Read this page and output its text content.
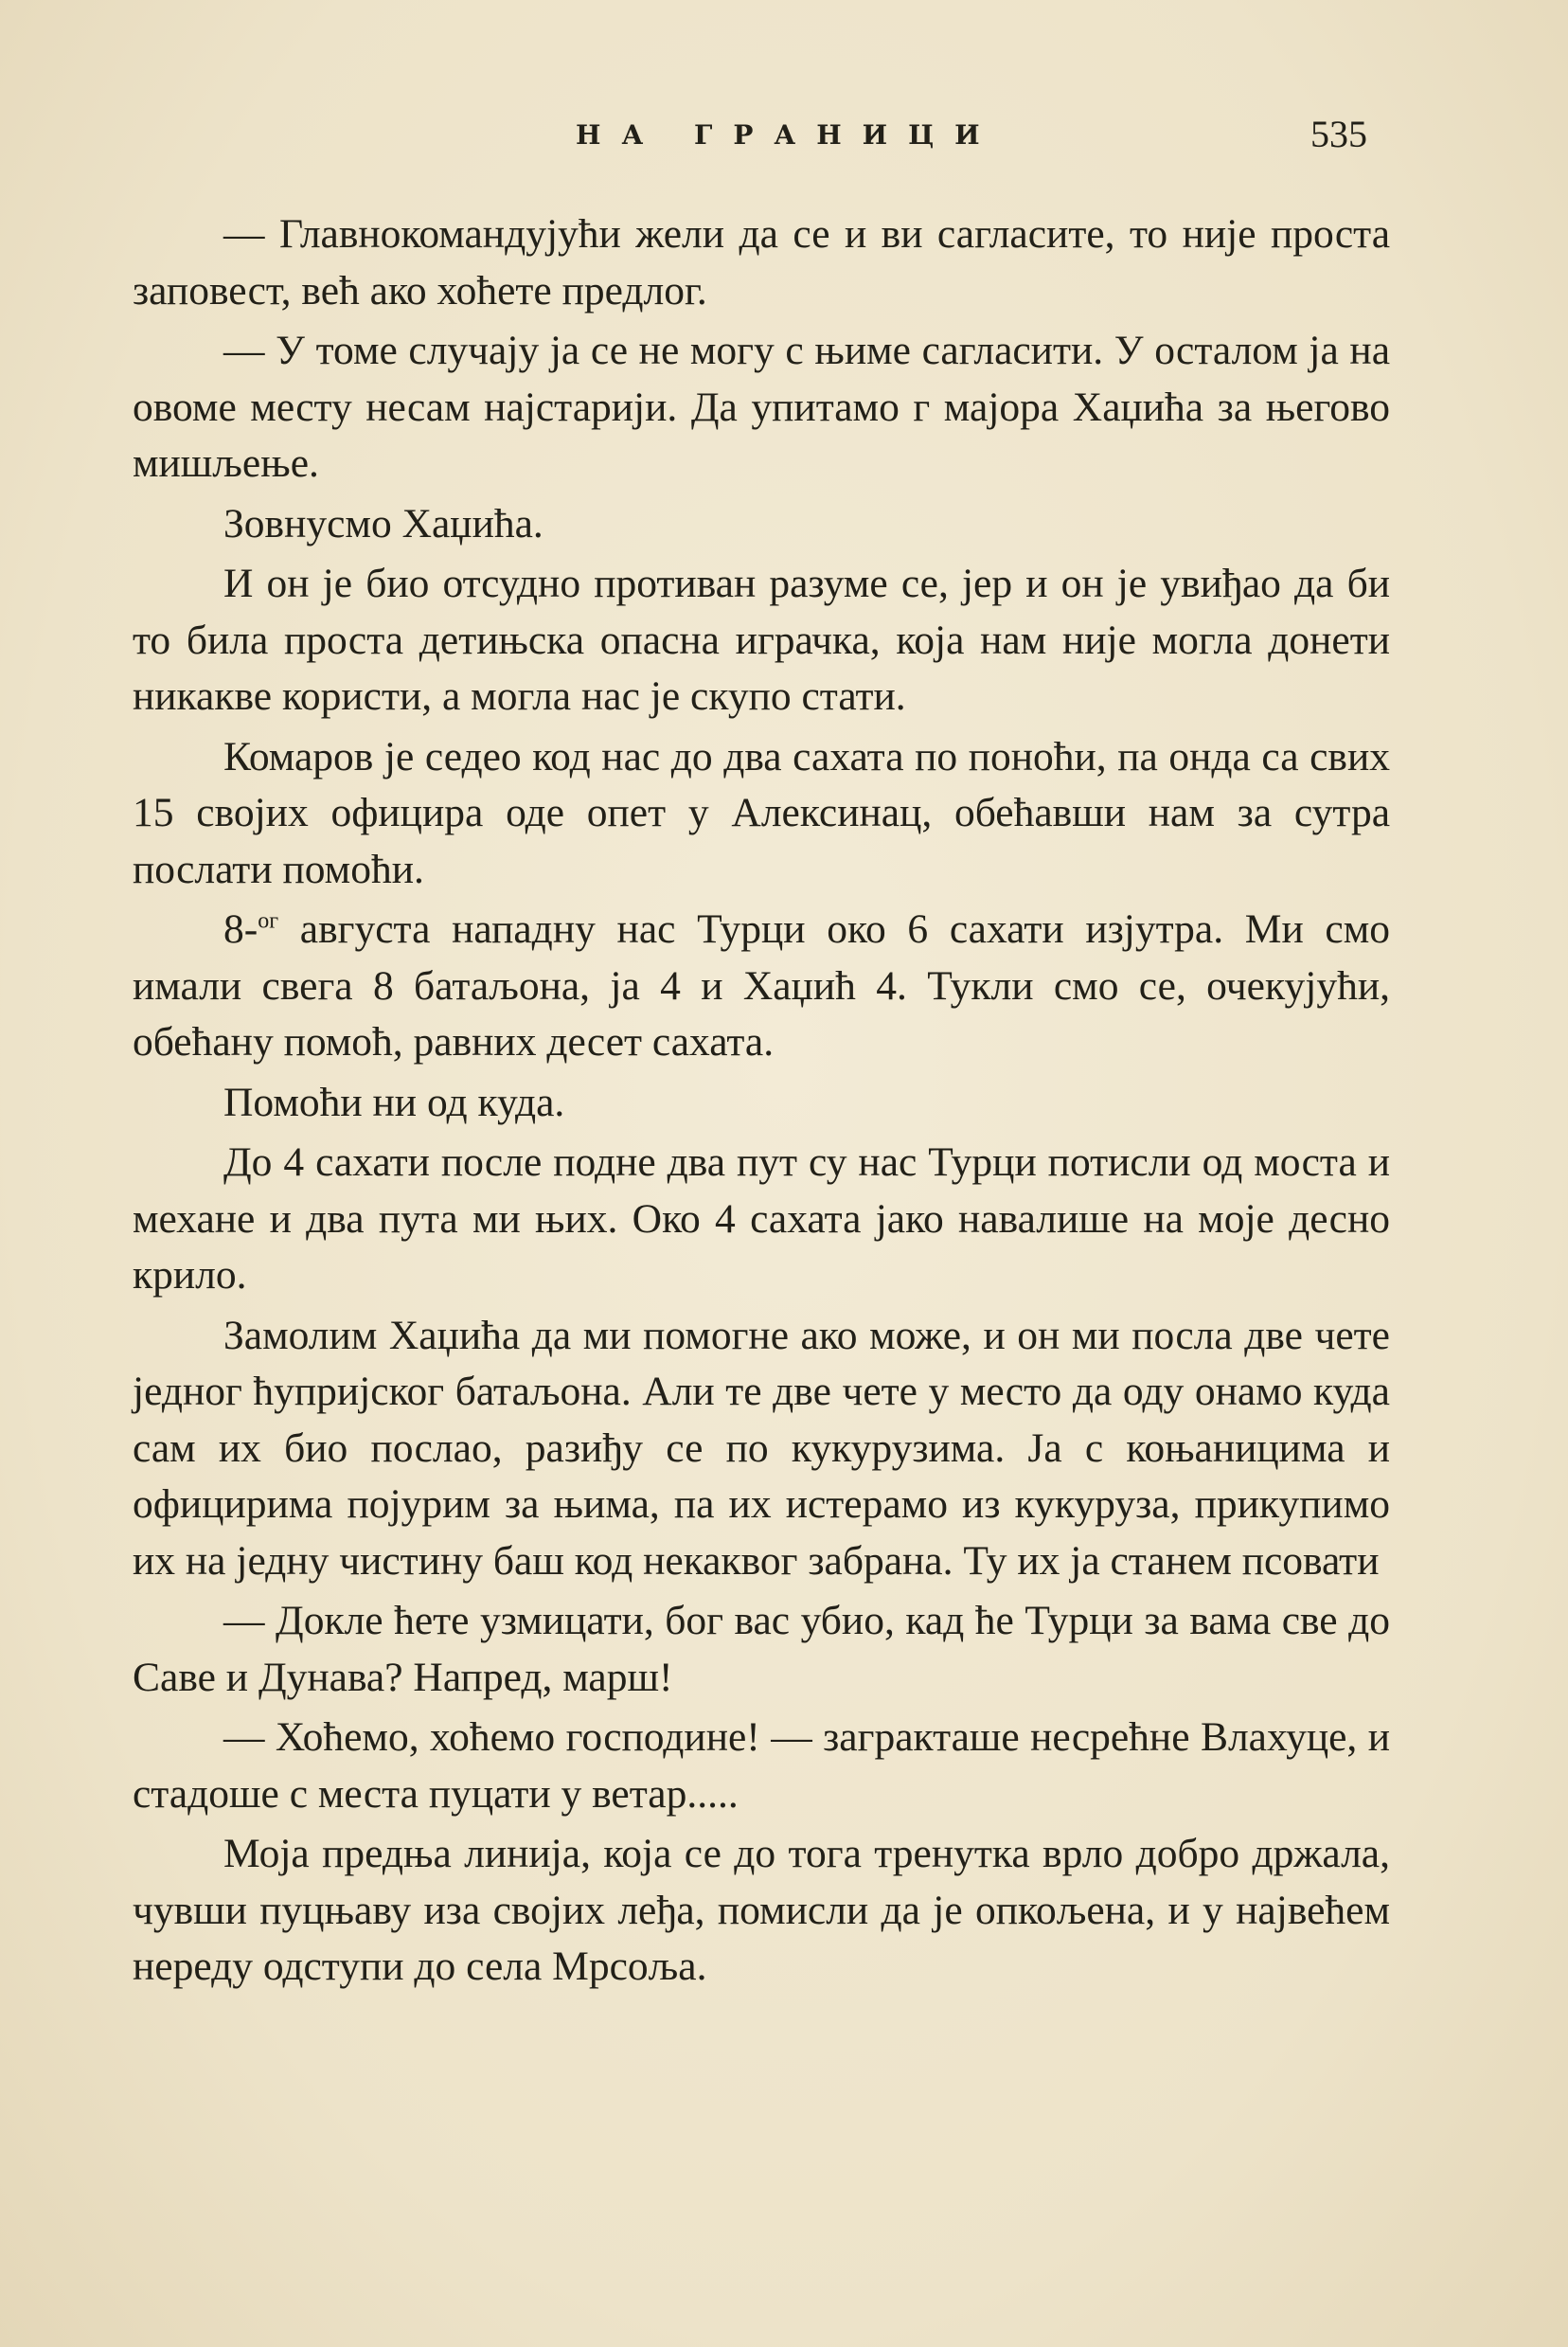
НА ГРАНИЦИ	535

— Главнокомандујући жели да се и ви сагласите, то није проста заповест, већ ако хоћете предлог.

— У томе случају ја се не могу с њиме сагласити. У осталом ја на овоме месту несам најстарији. Да упитамо г мајора Хаџића за његово мишљење.

Зовнусмо Хаџића.

И он је био отсудно противан разуме се, јер и он је увиђао да би то била проста детињска опасна играчка, која нам није могла донети никакве користи, а могла нас је скупо стати.

Комаров је седео код нас до два сахата по поноћи, па онда са свих 15 својих официра оде опет у Алексинац, обећавши нам за сутра послати помоћи.

8-$^{ог}$ августа нападну нас Турци око 6 сахати изјутра. Ми смо имали свега 8 батаљона, ја 4 и Хаџић 4. Тукли смо се, очекујући, обећану помоћ, равних десет сахата.

Помоћи ни од куда.

До 4 сахати после подне два пут су нас Турци потисли од моста и механе и два пута ми њих. Око 4 сахата јако навалише на моје десно крило.

Замолим Хаџића да ми помогне ако може, и он ми посла две чете једног ћупријског батаљона. Али те две чете у место да оду онамо куда сам их био послао, разиђу се по кукурузима. Ја с коњаницима и официрима појурим за њима, па их истерамо из кукуруза, прикупимо их на једну чистину баш код некаквог забрана. Ту их ја станем псовати

— Докле ћете узмицати, бог вас убио, кад ће Турци за вама све до Саве и Дунава? Напред, марш!

— Хоћемо, хоћемо господине! — загракташе несрећне Влахуце, и стадоше с места пуцати у ветар.....

Моја предња линија, која се до тога тренутка врло добро држала, чувши пуцњаву иза својих леђа, помисли да је опкољена, и у највећем нереду одступи до села Мрсоља.
